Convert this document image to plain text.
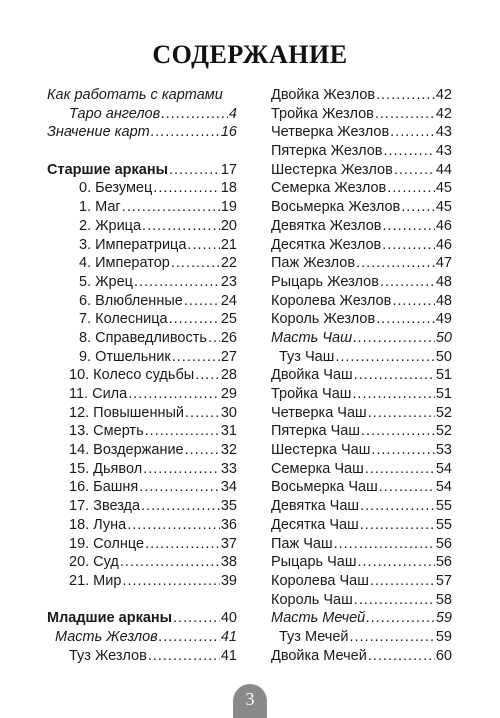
СОДЕРЖАНИЕ
Как работать с картами
Таро ангелов .....	4
Значение карт .....	16
Старшие арканы .....	17
0. Безумец .....	18
1. Маг .....	19
2. Жрица .....	20
3. Императрица ..... 21
4. Император .....	22
5. Жрец .....	23
6. Влюбленные .....	24
7. Колесница .....	25
8. Справедливость ..... 26
9. Отшельник .....	27
10. Колесо судьбы ..... 28
11. Сила .....	29
12. Повышенный .....	30
13. Смерть .....	31
14. Воздержание .....	32
15. Дьявол .....	33
16. Башня .....	34
17. Звезда .....	35
18. Луна .....	36
19. Солнце .....	37
20. Суд .....	38
21. Мир .....	39
Младшие арканы .....	40
Масть Жезлов .....	41
Туз Жезлов .....	41
Двойка Жезлов .....	42
Тройка Жезлов .....	42
Четверка Жезлов .....	43
Пятерка Жезлов .....	43
Шестерка Жезлов .....	44
Семерка Жезлов .....	45
Восьмерка Жезлов ..... 45
Девятка Жезлов .....	46
Десятка Жезлов .....	46
Паж Жезлов .....	47
Рыцарь Жезлов .....	48
Королева Жезлов .....	48
Король Жезлов .....	49
Масть Чаш .....	50
Туз Чаш .....	50
Двойка Чаш .....	51
Тройка Чаш .....	51
Четверка Чаш .....	52
Пятерка Чаш .....	52
Шестерка Чаш .....	53
Семерка Чаш .....	54
Восьмерка Чаш .....	54
Девятка Чаш .....	55
Десятка Чаш .....	55
Паж Чаш .....	56
Рыцарь Чаш .....	56
Королева Чаш .....	57
Король Чаш .....	58
Масть Мечей .....	59
Туз Мечей .....	59
Двойка Мечей .....	60
3
